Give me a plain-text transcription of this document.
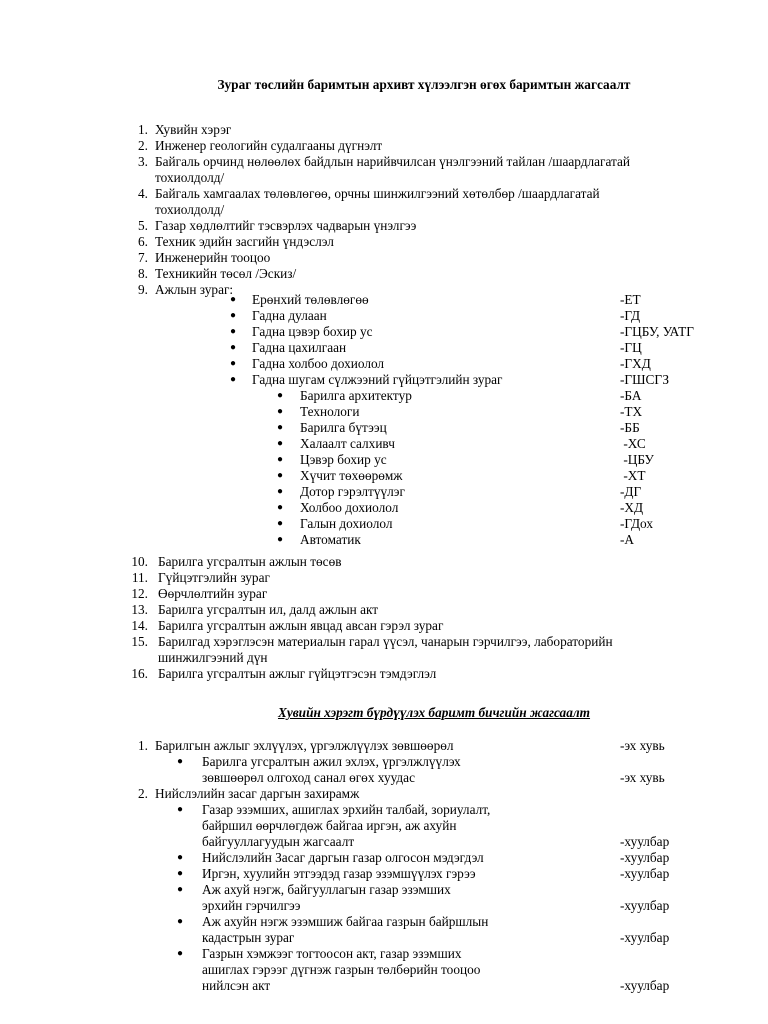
Зураг төслийн баримтын архивт хүлээлгэн өгөх баримтын жагсаалт
1. Хувийн хэрэг
2. Инженер геологийн судалгааны дүгнэлт
3. Байгаль орчинд нөлөөлөх байдлын нарийвчилсан үнэлгээний тайлан /шаардлагатай
тохиолдолд/
4. Байгаль хамгаалах төлөвлөгөө, орчны шинжилгээний хөтөлбөр /шаардлагатай
тохиолдолд/
5. Газар хөдлөлтийг тэсвэрлэх чадварын үнэлгээ
6. Техник эдийн засгийн үндэслэл
7. Инженерийн тооцоо
8. Техникийн төсөл /Эскиз/
9. Ажлын зураг:
● Ерөнхий төлөвлөгөө	-ЕТ
● Гадна дулаан	-ГД
● Гадна цэвэр бохир ус	-ГЦБУ, УАТГ
● Гадна цахилгаан	-ГЦ
● Гадна холбоо дохиолол	-ГХД
● Гадна шугам сүлжээний гүйцэтгэлийн зураг	-ГШСГЗ
● Барилга архитектур	-БА
● Технологи	-ТХ
● Барилга бүтээц	-ББ
● Халаалт салхивч	-ХС
● Цэвэр бохир ус	-ЦБУ
● Хүчит төхөөрөмж	-ХТ
● Дотор гэрэлтүүлэг	-ДГ
● Холбоо дохиолол	-ХД
● Галын дохиолол	-ГДох
● Автоматик	-А
10. Барилга угсралтын ажлын төсөв
11. Гүйцэтгэлийн зураг
12. Өөрчлөлтийн зураг
13. Барилга угсралтын ил, далд ажлын акт
14. Барилга угсралтын ажлын явцад авсан гэрэл зураг
15. Барилгад хэрэглэсэн материалын гарал үүсэл, чанарын гэрчилгээ, лабораторийн
шинжилгээний дүн
16. Барилга угсралтын ажлыг гүйцэтгэсэн тэмдэглэл
Хувийн хэрэгт бүрдүүлэх баримт бичгийн жагсаалт
1. Барилгын ажлыг эхлүүлэх, үргэлжлүүлэх зөвшөөрөл	-эх хувь
● Барилга угсралтын ажил эхлэх, үргэлжлүүлэх
зөвшөөрөл олгоход санал өгөх хуудас	-эх хувь
2. Нийслэлийн засаг даргын захирамж
● Газар эзэмших, ашиглах эрхийн талбай, зориулалт,
байршил өөрчлөгдөж байгаа иргэн, аж ахуйн
байгууллагуудын жагсаалт	-хуулбар
● Нийслэлийн Засаг даргын газар олгосон мэдэгдэл	-хуулбар
● Иргэн, хуулийн этгээдэд газар эзэмшүүлэх гэрээ	-хуулбар
● Аж ахуй нэгж, байгууллагын газар эзэмших
эрхийн гэрчилгээ	-хуулбар
● Аж ахуйн нэгж эзэмшиж байгаа газрын байршлын
кадастрын зураг	-хуулбар
● Газрын хэмжээг тогтоосон акт, газар эзэмших
ашиглах гэрээг дүгнэж газрын төлбөрийн тооцоо
нийлсэн акт	-хуулбар
